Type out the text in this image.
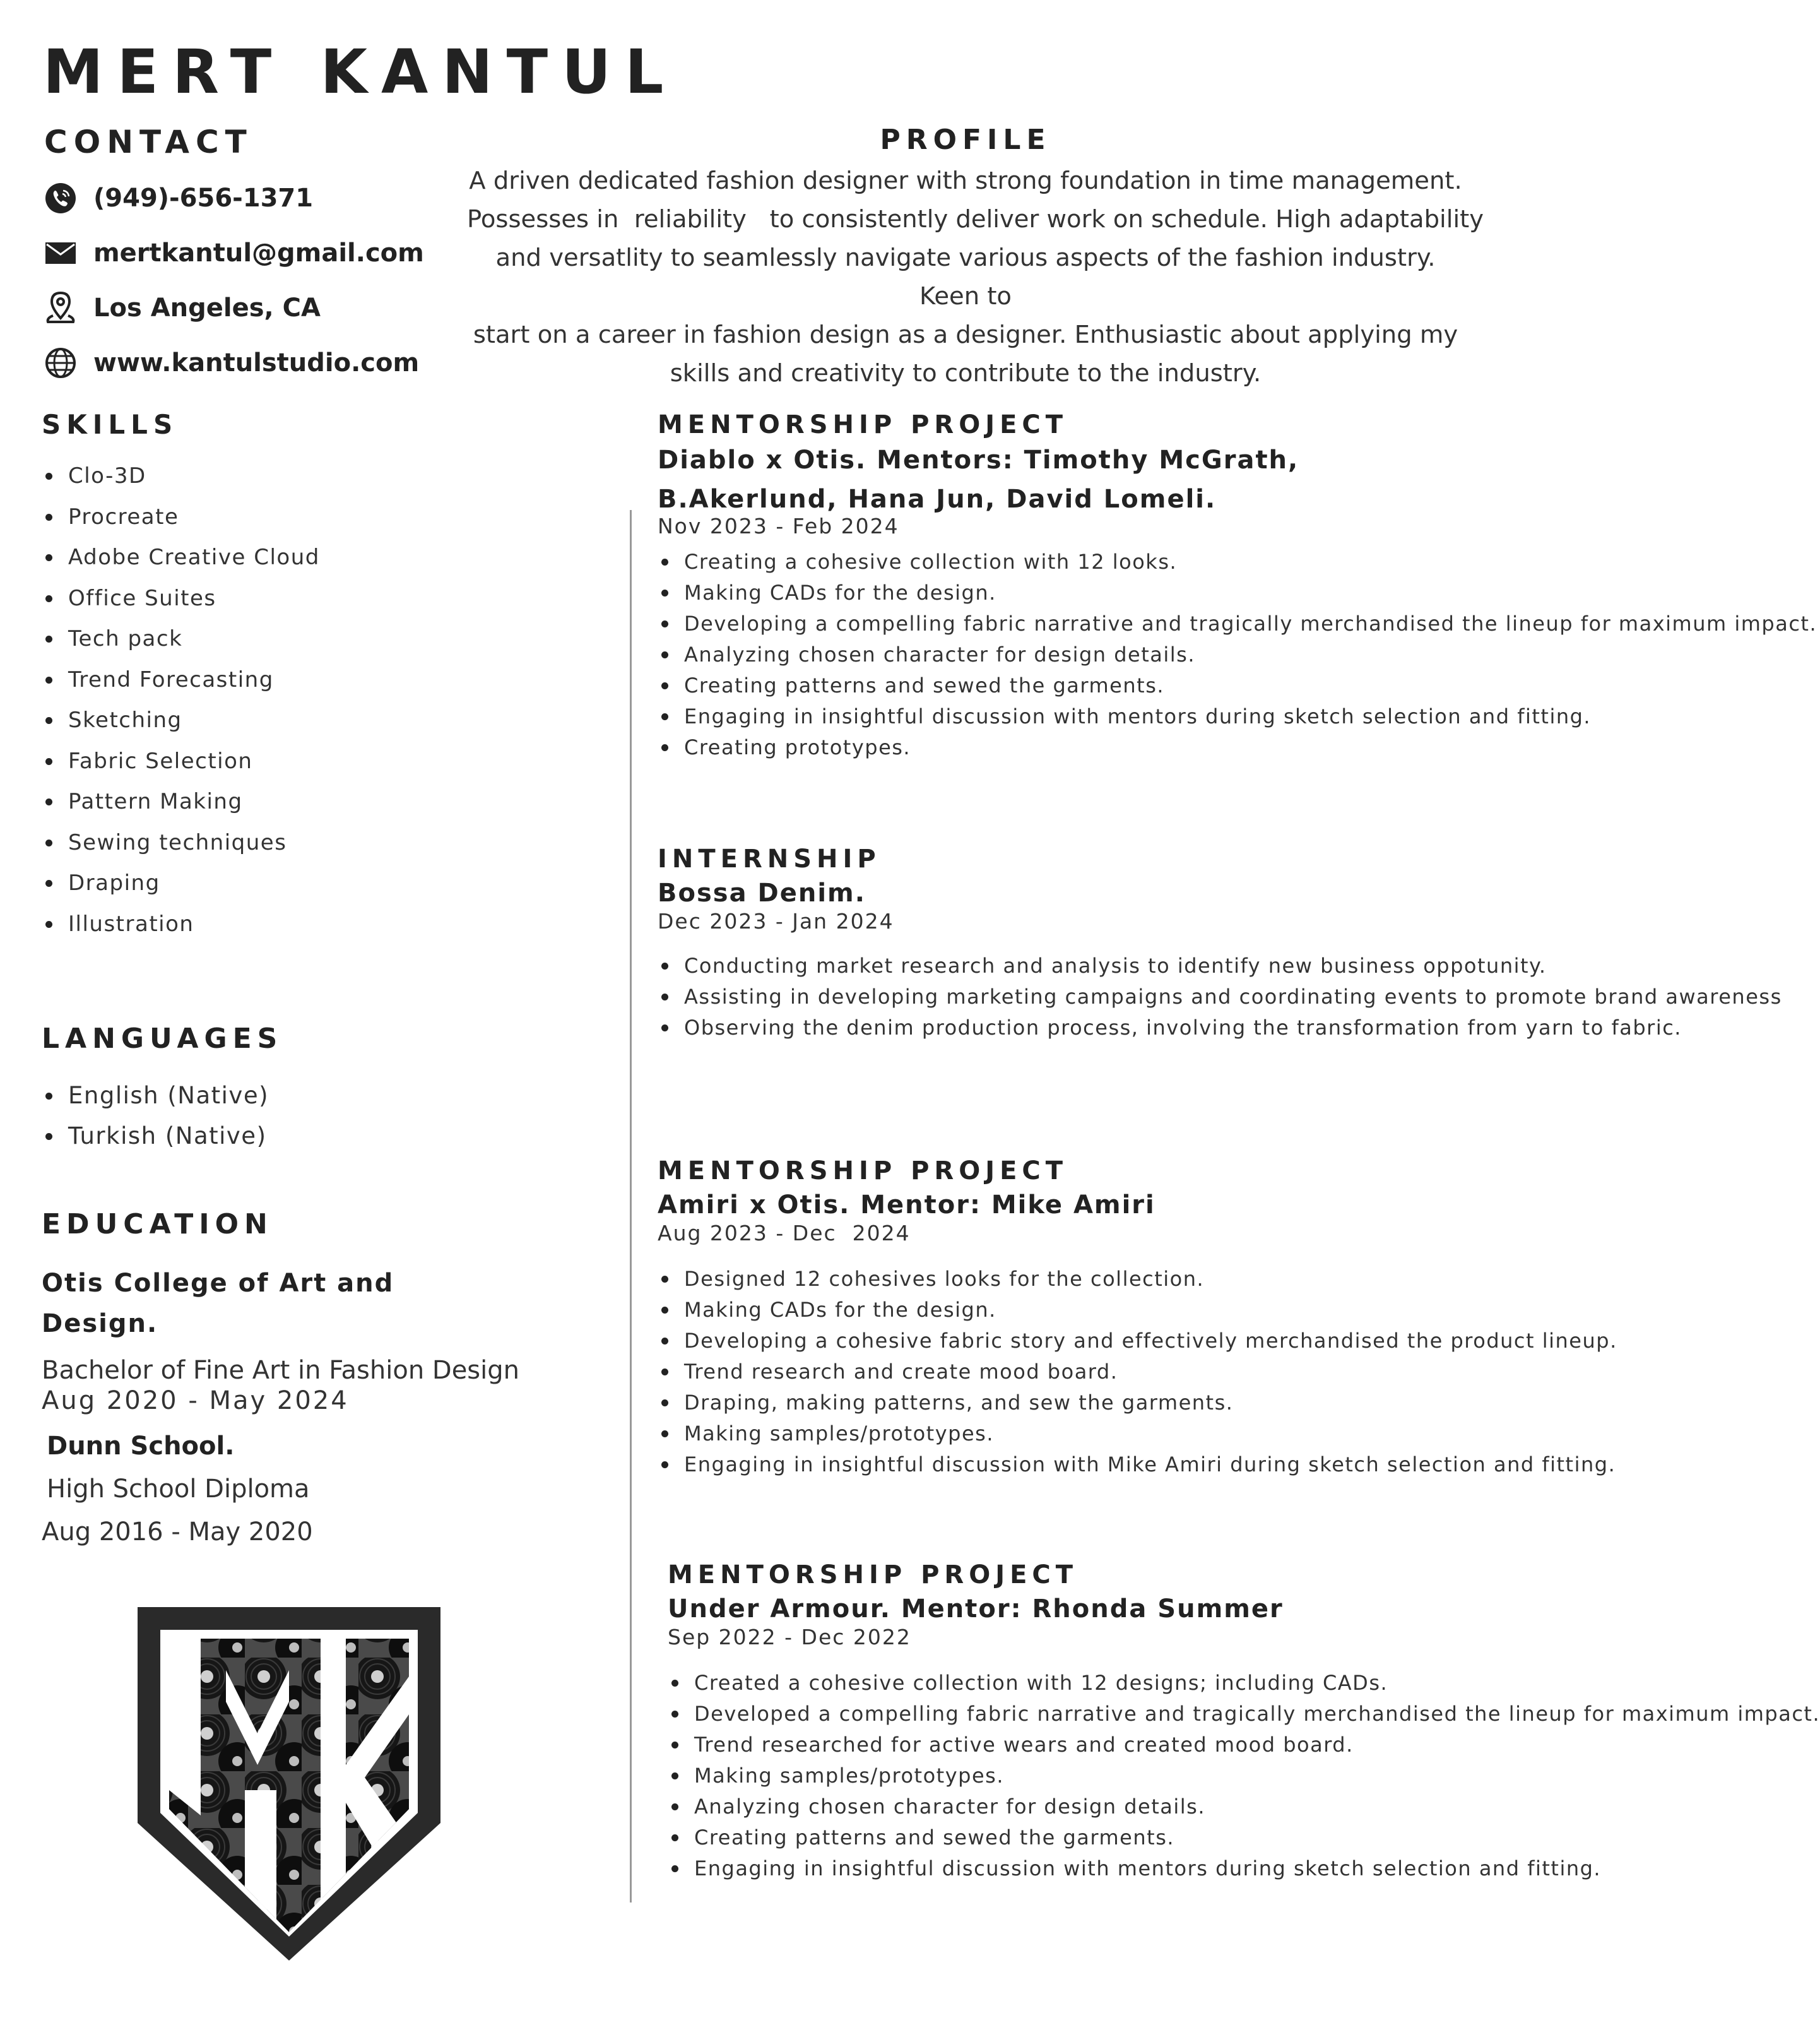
MERT KANTUL
CONTACT
(949)-656-1371
mertkantul@gmail.com
Los Angeles, CA
www.kantulstudio.com
PROFILE
A driven dedicated fashion designer with strong foundation in time management.
Possesses in  reliability   to consistently deliver work on schedule. High adaptability
and versatlity to seamlessly navigate various aspects of the fashion industry. Keen to
start on a career in fashion design as a designer. Enthusiastic about applying my
skills and creativity to contribute to the industry.
SKILLS
Clo-3D
Procreate
Adobe Creative Cloud
Office Suites
Tech pack
Trend Forecasting
Sketching
Fabric Selection
Pattern Making
Sewing techniques
Draping
Illustration
LANGUAGES
English (Native)
Turkish (Native)
EDUCATION
Otis College of Art and
Design.
Bachelor of Fine Art in Fashion Design
Aug 2020 - May 2024
Dunn School.
High School Diploma
Aug 2016 - May 2020
MENTORSHIP PROJECT
Diablo x Otis. Mentors: Timothy McGrath,
B.Akerlund, Hana Jun, David Lomeli.
Nov 2023 - Feb 2024
Creating a cohesive collection with 12 looks.
Making CADs for the design.
Developing a compelling fabric narrative and tragically merchandised the lineup for maximum impact.
Analyzing chosen character for design details.
Creating patterns and sewed the garments.
Engaging in insightful discussion with mentors during sketch selection and fitting.
Creating prototypes.
INTERNSHIP
Bossa Denim.
Dec 2023 - Jan 2024
Conducting market research and analysis to identify new business oppotunity.
Assisting in developing marketing campaigns and coordinating events to promote brand awareness
Observing the denim production process, involving the transformation from yarn to fabric.
MENTORSHIP PROJECT
Amiri x Otis. Mentor: Mike Amiri
Aug 2023 - Dec  2024
Designed 12 cohesives looks for the collection.
Making CADs for the design.
Developing a cohesive fabric story and effectively merchandised the product lineup.
Trend research and create mood board.
Draping, making patterns, and sew the garments.
Making samples/prototypes.
Engaging in insightful discussion with Mike Amiri during sketch selection and fitting.
MENTORSHIP PROJECT
Under Armour. Mentor: Rhonda Summer
Sep 2022 - Dec 2022
Created a cohesive collection with 12 designs; including CADs.
Developed a compelling fabric narrative and tragically merchandised the lineup for maximum impact.
Trend researched for active wears and created mood board.
Making samples/prototypes.
Analyzing chosen character for design details.
Creating patterns and sewed the garments.
Engaging in insightful discussion with mentors during sketch selection and fitting.
